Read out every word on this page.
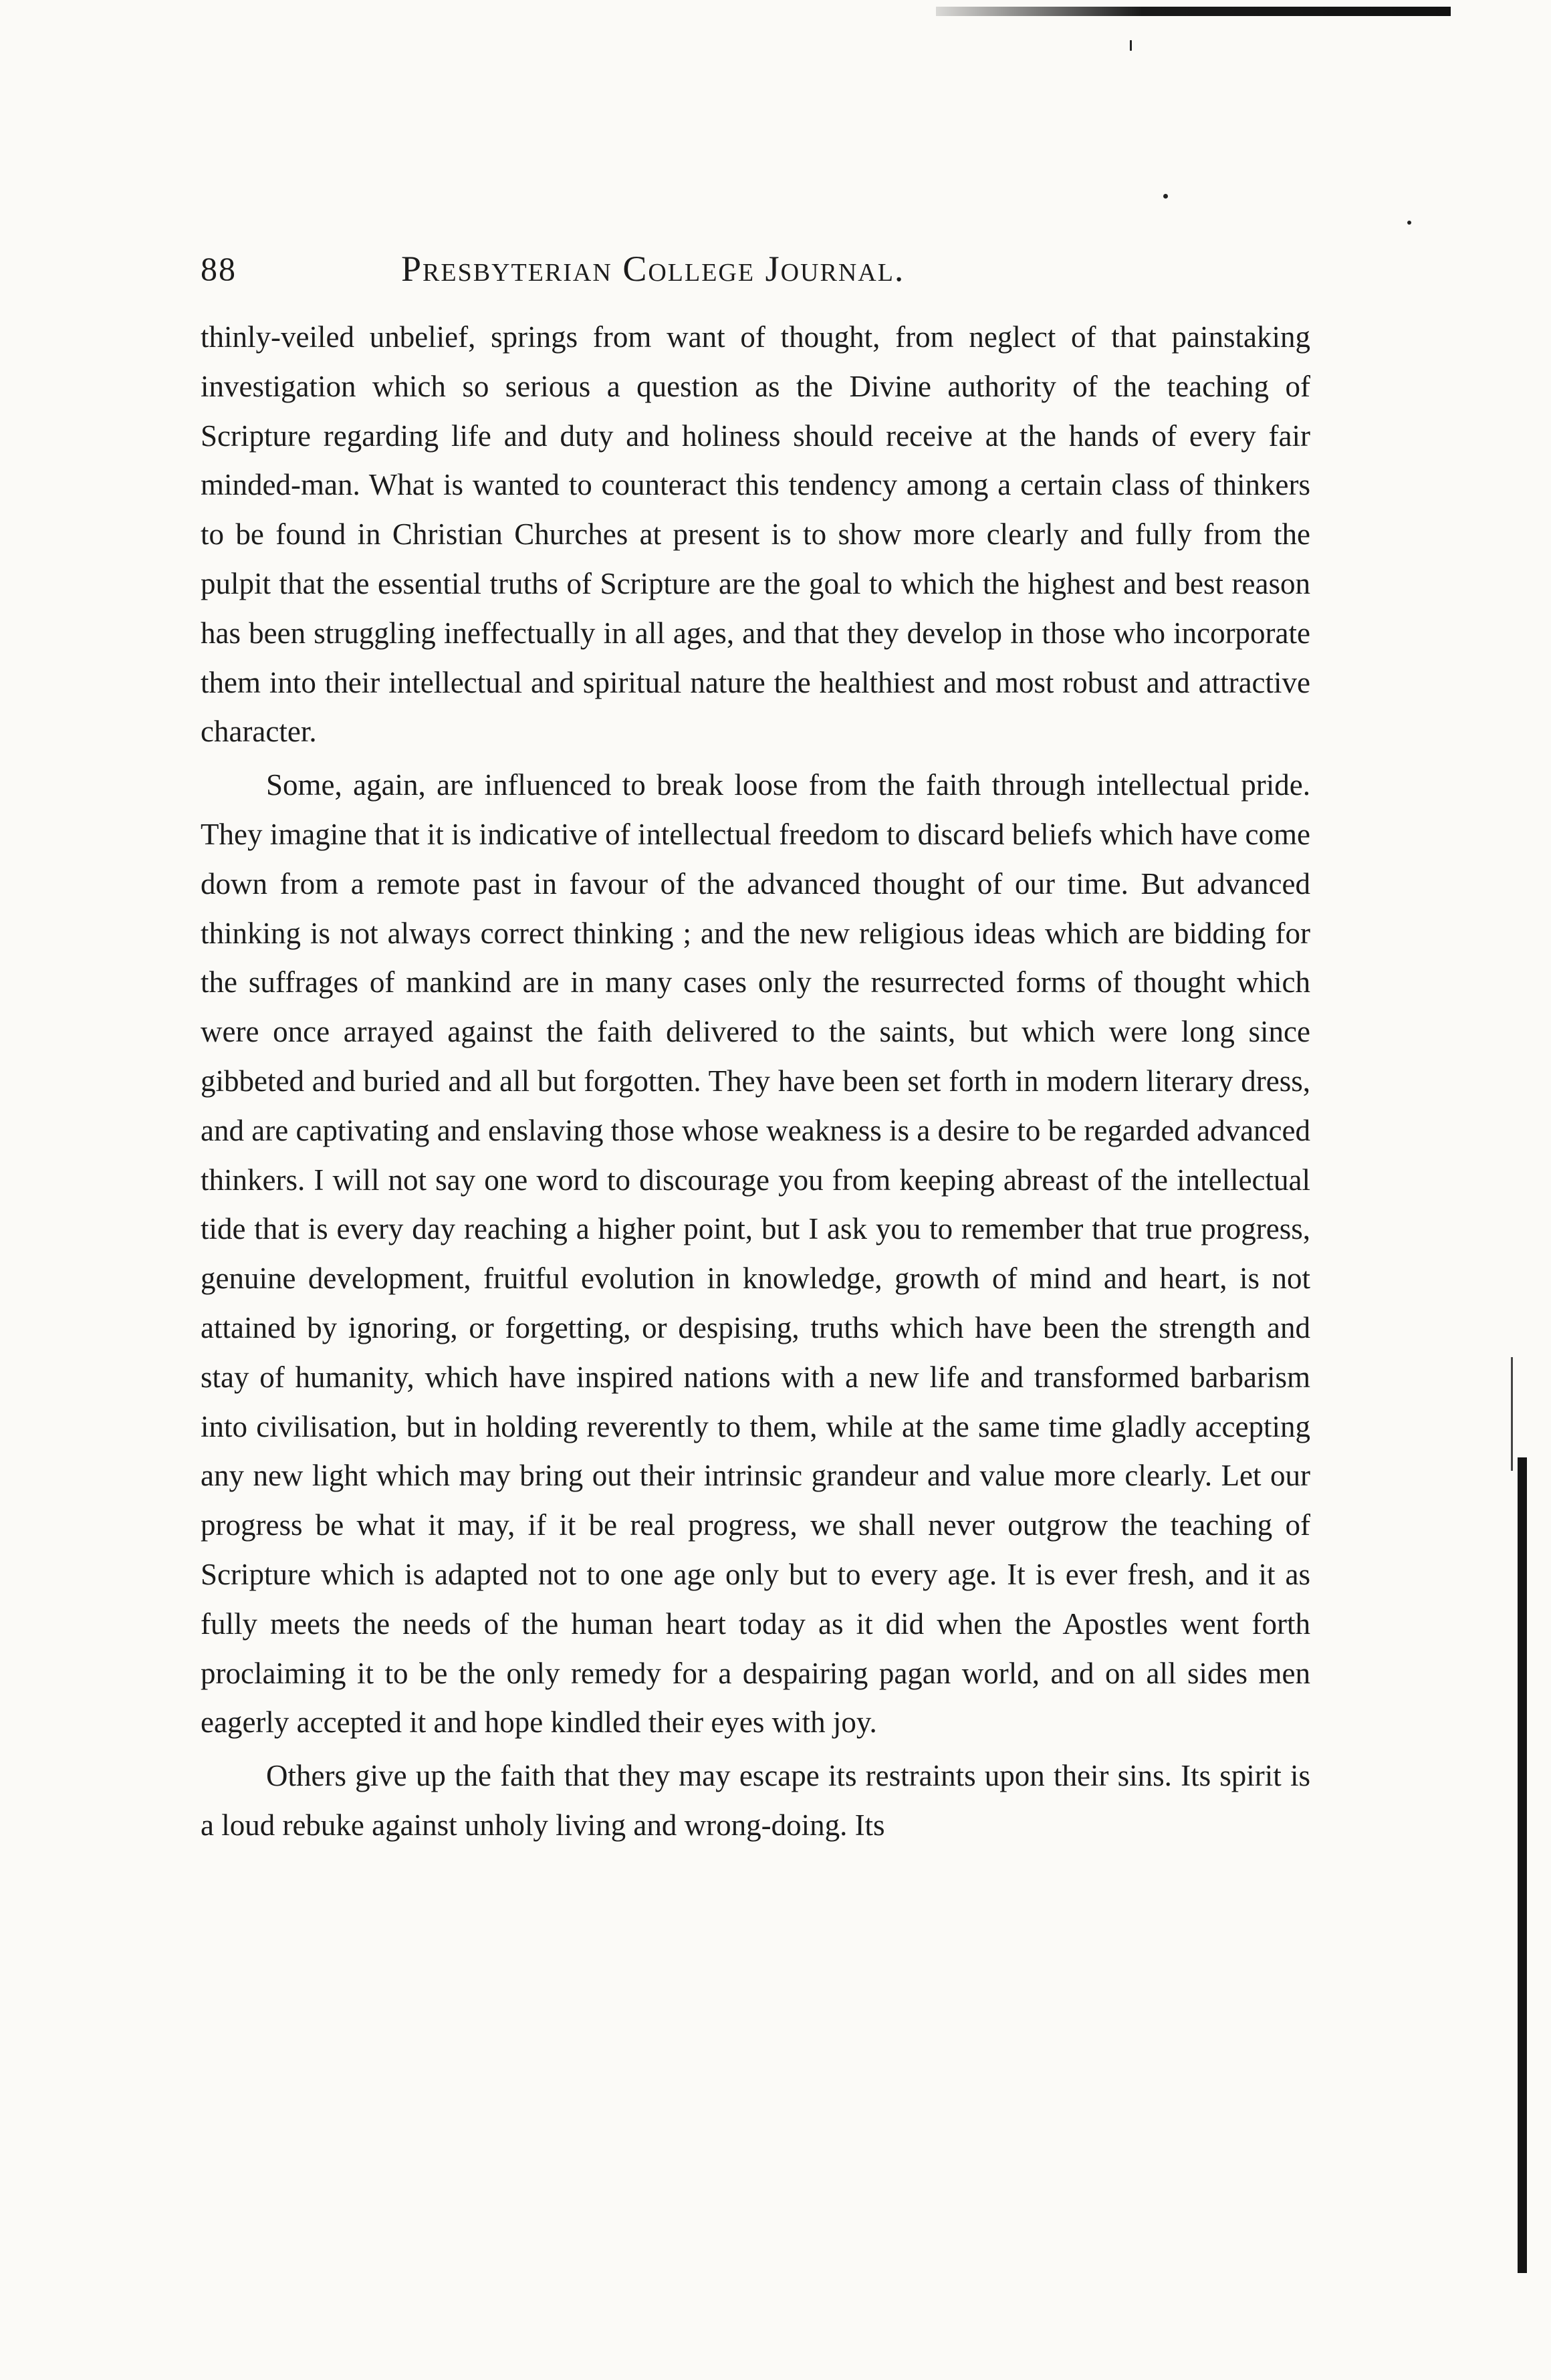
88	Presbyterian College Journal.

thinly-veiled unbelief, springs from want of thought, from neglect of that painstaking investigation which so serious a question as the Divine authority of the teaching of Scripture regarding life and duty and holiness should receive at the hands of every fair minded-man. What is wanted to counteract this tendency among a certain class of thinkers to be found in Christian Churches at present is to show more clearly and fully from the pulpit that the essential truths of Scripture are the goal to which the highest and best reason has been struggling ineffectually in all ages, and that they develop in those who incorporate them into their intellectual and spiritual nature the healthiest and most robust and attractive character.

Some, again, are influenced to break loose from the faith through intellectual pride. They imagine that it is indicative of intellectual freedom to discard beliefs which have come down from a remote past in favour of the advanced thought of our time. But advanced thinking is not always correct thinking ; and the new religious ideas which are bidding for the suffrages of mankind are in many cases only the resurrected forms of thought which were once arrayed against the faith delivered to the saints, but which were long since gibbeted and buried and all but forgotten. They have been set forth in modern literary dress, and are captivating and enslaving those whose weakness is a desire to be regarded advanced thinkers. I will not say one word to discourage you from keeping abreast of the intellectual tide that is every day reaching a higher point, but I ask you to remember that true progress, genuine development, fruitful evolution in knowledge, growth of mind and heart, is not attained by ignoring, or forgetting, or despising, truths which have been the strength and stay of humanity, which have inspired nations with a new life and transformed barbarism into civilisation, but in holding reverently to them, while at the same time gladly accepting any new light which may bring out their intrinsic grandeur and value more clearly. Let our progress be what it may, if it be real progress, we shall never outgrow the teaching of Scripture which is adapted not to one age only but to every age. It is ever fresh, and it as fully meets the needs of the human heart today as it did when the Apostles went forth proclaiming it to be the only remedy for a despairing pagan world, and on all sides men eagerly accepted it and hope kindled their eyes with joy.

Others give up the faith that they may escape its restraints upon their sins. Its spirit is a loud rebuke against unholy living and wrong-doing. Its
